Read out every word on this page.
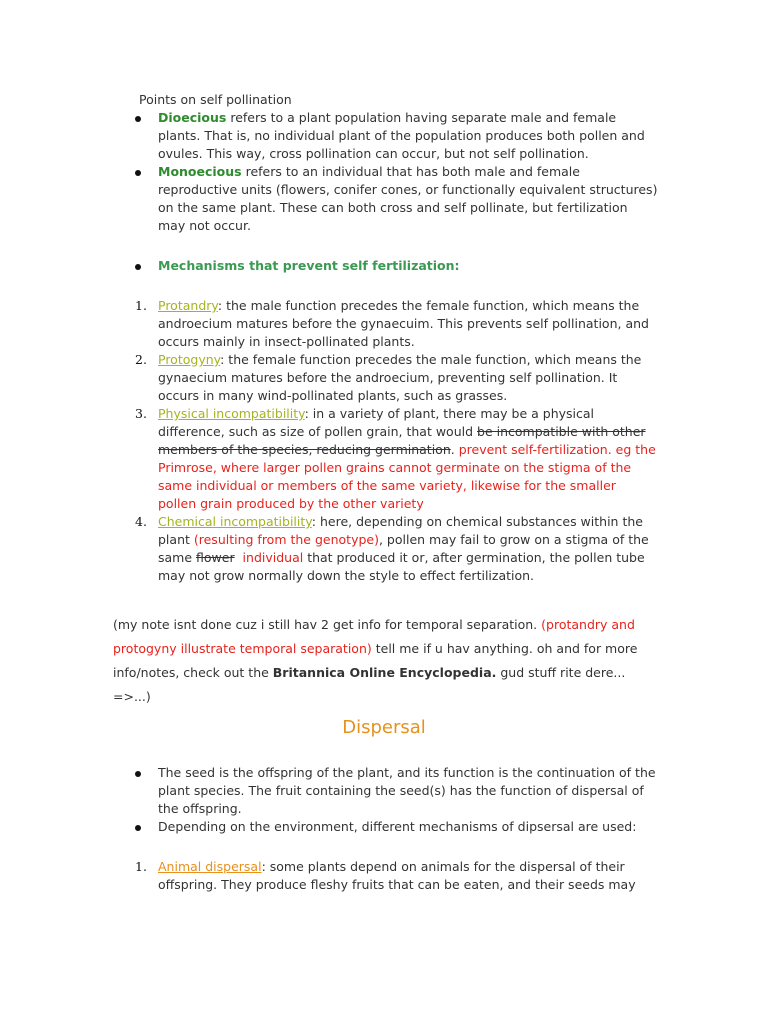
Points on self pollination
Dioecious refers to a plant population having separate male and female plants. That is, no individual plant of the population produces both pollen and ovules. This way, cross pollination can occur, but not self pollination.
Monoecious refers to an individual that has both male and female reproductive units (flowers, conifer cones, or functionally equivalent structures) on the same plant. These can both cross and self pollinate, but fertilization may not occur.
Mechanisms that prevent self fertilization:
1. Protandry: the male function precedes the female function, which means the androecium matures before the gynaecuim. This prevents self pollination, and occurs mainly in insect-pollinated plants.
2. Protogyny: the female function precedes the male function, which means the gynaecium matures before the androecium, preventing self pollination. It occurs in many wind-pollinated plants, such as grasses.
3. Physical incompatibility: in a variety of plant, there may be a physical difference, such as size of pollen grain, that would be incompatible with other members of the species, reducing germination. prevent self-fertilization. eg the Primrose, where larger pollen grains cannot germinate on the stigma of the same individual or members of the same variety, likewise for the smaller pollen grain produced by the other variety
4. Chemical incompatibility: here, depending on chemical substances within the plant (resulting from the genotype), pollen may fail to grow on a stigma of the same flower individual that produced it or, after germination, the pollen tube may not grow normally down the style to effect fertilization.
(my note isnt done cuz i still hav 2 get info for temporal separation. (protandry and protogyny illustrate temporal separation) tell me if u hav anything. oh and for more info/notes, check out the Britannica Online Encyclopedia. gud stuff rite dere... =>...)
Dispersal
The seed is the offspring of the plant, and its function is the continuation of the plant species. The fruit containing the seed(s) has the function of dispersal of the offspring.
Depending on the environment, different mechanisms of dipsersal are used:
1. Animal dispersal: some plants depend on animals for the dispersal of their offspring. They produce fleshy fruits that can be eaten, and their seeds may
